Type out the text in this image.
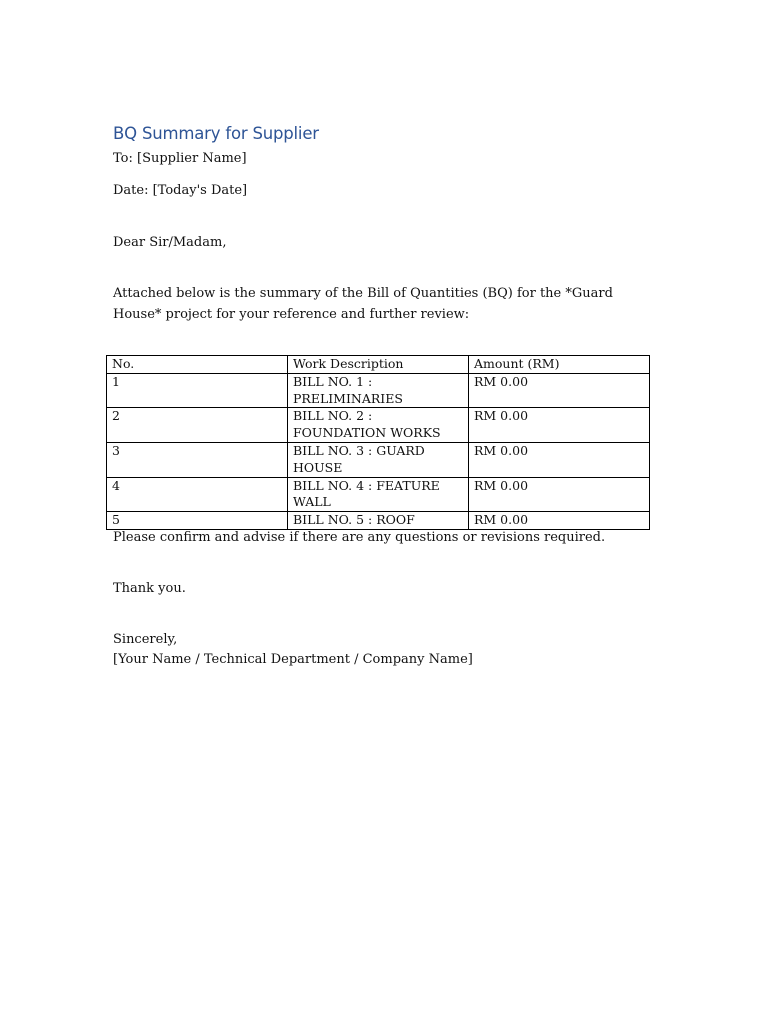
BQ Summary for Supplier
To: [Supplier Name]
Date: [Today's Date]
Dear Sir/Madam,
Attached below is the summary of the Bill of Quantities (BQ) for the *Guard House* project for your reference and further review:
No.	Work Description	Amount (RM)
1	BILL NO. 1 : PRELIMINARIES	RM 0.00
2	BILL NO. 2 : FOUNDATION WORKS	RM 0.00
3	BILL NO. 3 : GUARD HOUSE	RM 0.00
4	BILL NO. 4 : FEATURE WALL	RM 0.00
5	BILL NO. 5 : ROOF	RM 0.00
Please confirm and advise if there are any questions or revisions required.
Thank you.
Sincerely,
[Your Name / Technical Department / Company Name]
